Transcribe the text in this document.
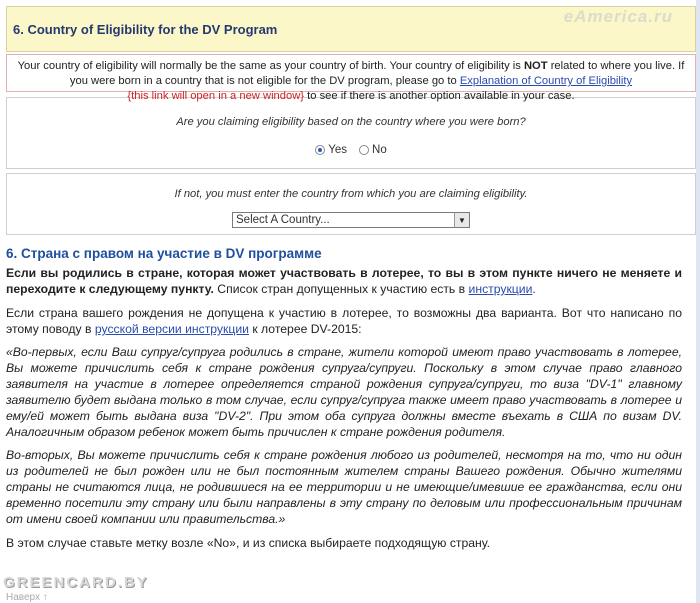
6. Country of Eligibility for the DV Program
eAmerica.ru
Your country of eligibility will normally be the same as your country of birth. Your country of eligibility is NOT related to where you live. If you were born in a country that is not eligible for the DV program, please go to Explanation of Country of Eligibility
{this link will open in a new window} to see if there is another option available in your case.
Are you claiming eligibility based on the country where you were born?
Yes No
If not, you must enter the country from which you are claiming eligibility.
Select A Country...	▼
6. Страна с правом на участие в DV программе

Если вы родились в стране, которая может участвовать в лотерее, то вы в этом пункте ничего не меняете и переходите к следующему пункту. Список стран допущенных к участию есть в инструкции.

Если страна вашего рождения не допущена к участию в лотерее, то возможны два варианта. Вот что написано по этому поводу в русской версии инструкции к лотерее DV-2015:

«Во-первых, если Ваш супруг/супруга родились в стране, жители которой имеют право участвовать в лотерее, Вы можете причислить себя к стране рождения супруга/супруги. Поскольку в этом случае право главного заявителя на участие в лотерее определяется страной рождения супруга/супруги, то виза "DV-1" главному заявителю будет выдана только в том случае, если супруг/супруга также имеет право участвовать в лотерее и ему/ей может быть выдана виза "DV-2". При этом оба супруга должны вместе въехать в США по визам DV. Аналогичным образом ребенок может быть причислен к стране рождения родителя.

Во-вторых, Вы можете причислить себя к стране рождения любого из родителей, несмотря на то, что ни один из родителей не был рожден или не был постоянным жителем страны Вашего рождения. Обычно жителями страны не считаются лица, не родившиеся на ее территории и не имеющие/имевшие ее гражданства, если они временно посетили эту страну или были направлены в эту страну по деловым или профессиональным причинам от имени своей компании или правительства.»

В этом случае ставьте метку возле «No», и из списка выбираете подходящую страну.

GREENCARD.BY
Наверх ↑
